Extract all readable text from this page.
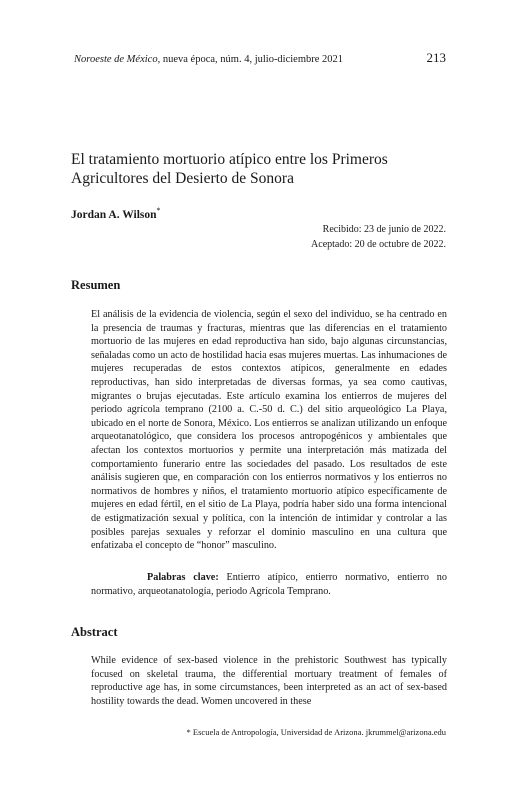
Noroeste de México, nueva época, núm. 4, julio-diciembre 2021	213
El tratamiento mortuorio atípico entre los Primeros Agricultores del Desierto de Sonora
Jordan A. Wilson*
Recibido: 23 de junio de 2022.
Aceptado: 20 de octubre de 2022.
Resumen

El análisis de la evidencia de violencia, según el sexo del individuo, se ha centrado en la presencia de traumas y fracturas, mientras que las diferencias en el tratamiento mortuorio de las mujeres en edad reproductiva han sido, bajo algunas circunstancias, señaladas como un acto de hostilidad hacia esas mujeres muertas. Las inhumaciones de mujeres recuperadas de estos contextos atípicos, generalmente en edades reproductivas, han sido interpretadas de diversas formas, ya sea como cautivas, migrantes o brujas ejecutadas. Este artículo examina los entierros de mujeres del periodo agrícola temprano (2100 a. C.-50 d. C.) del sitio arqueológico La Playa, ubicado en el norte de Sonora, México. Los entierros se analizan utilizando un enfoque arqueotanatológico, que considera los procesos antropogénicos y ambientales que afectan los contextos mortuorios y permite una interpretación más matizada del comportamiento funerario entre las sociedades del pasado. Los resultados de este análisis sugieren que, en comparación con los entierros normativos y los entierros no normativos de hombres y niños, el tratamiento mortuorio atípico específicamente de mujeres en edad fértil, en el sitio de La Playa, podría haber sido una forma intencional de estigmatización sexual y política, con la intención de intimidar y controlar a las posibles parejas sexuales y reforzar el dominio masculino en una cultura que enfatizaba el concepto de “honor” masculino.

Palabras clave: Entierro atípico, entierro normativo, entierro no normativo, arqueotanatología, periodo Agrícola Temprano.

Abstract

While evidence of sex-based violence in the prehistoric Southwest has typically focused on skeletal trauma, the differential mortuary treatment of females of reproductive age has, in some circumstances, been interpreted as an act of sex-based hostility towards the dead. Women uncovered in these

* Escuela de Antropología, Universidad de Arizona. jkrummel@arizona.edu
